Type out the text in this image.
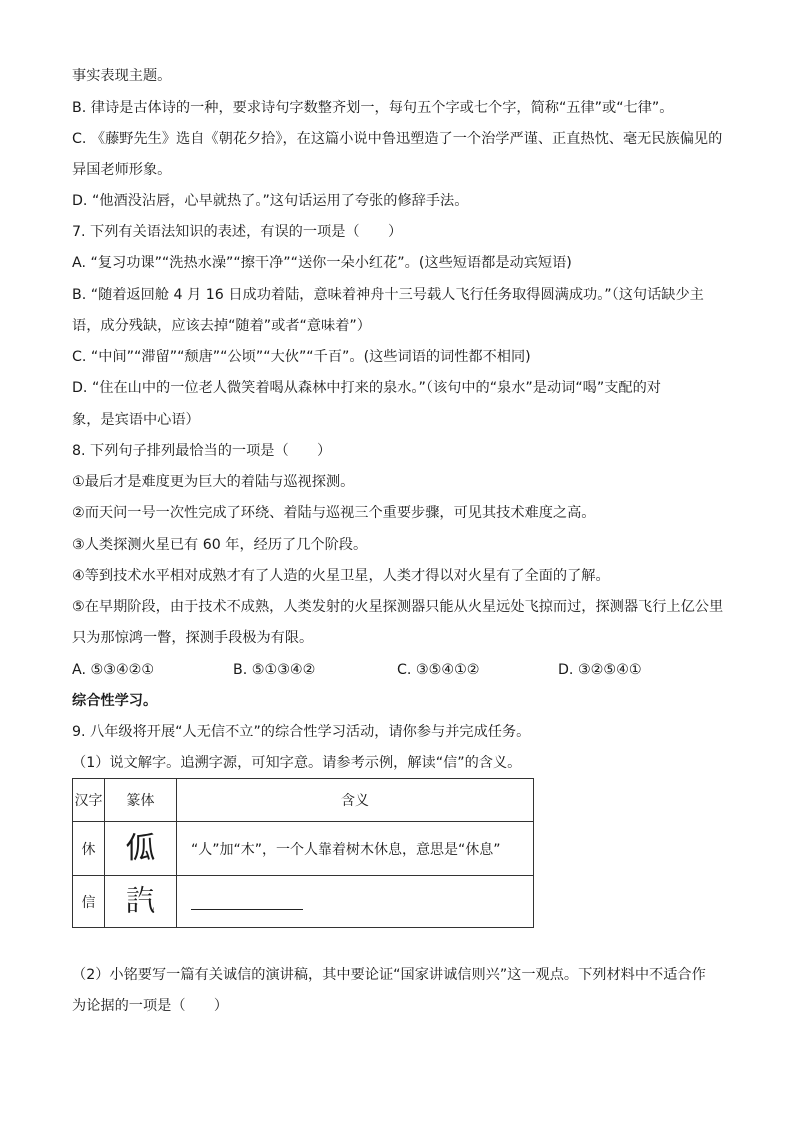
事实表现主题。
B. 律诗是古体诗的一种，要求诗句字数整齐划一，每句五个字或七个字，简称“五律”或“七律”。
C. 《藤野先生》选自《朝花夕拾》，在这篇小说中鲁迅塑造了一个治学严谨、正直热忱、毫无民族偏见的
异国老师形象。
D. “他酒没沾唇，心早就热了。”这句话运用了夸张的修辞手法。
7. 下列有关语法知识的表述，有误的一项是（　　）
A. “复习功课”“洗热水澡”“擦干净”“送你一朵小红花”。(这些短语都是动宾短语)
B. “随着返回舱 4 月 16 日成功着陆，意味着神舟十三号载人飞行任务取得圆满成功。”（这句话缺少主
语，成分残缺，应该去掉“随着”或者“意味着”）
C. “中间”“滞留”“颓唐”“公顷”“大伙”“千百”。(这些词语的词性都不相同)
D. “住在山中的一位老人微笑着喝从森林中打来的泉水。”（该句中的“泉水”是动词“喝”支配的对
象，是宾语中心语）
8. 下列句子排列最恰当的一项是（　　）
①最后才是难度更为巨大的着陆与巡视探测。
②而天问一号一次性完成了环绕、着陆与巡视三个重要步骤，可见其技术难度之高。
③人类探测火星已有 60 年，经历了几个阶段。
④等到技术水平相对成熟才有了人造的火星卫星，人类才得以对火星有了全面的了解。
⑤在早期阶段，由于技术不成熟，人类发射的火星探测器只能从火星远处飞掠而过，探测器飞行上亿公里
只为那惊鸿一瞥，探测手段极为有限。
A. ⑤③④②①	B. ⑤①③④②	C. ③⑤④①②	D. ③②⑤④①
综合性学习。
9. 八年级将开展“人无信不立”的综合性学习活动，请你参与并完成任务。
（1）说文解字。追溯字源，可知字意。请参考示例，解读“信”的含义。
汉字	篆体	含义
休	𠇗	“人”加“木”，一个人靠着树木休息，意思是“休息”
信	𧥷	
（2）小铭要写一篇有关诚信的演讲稿，其中要论证“国家讲诚信则兴”这一观点。下列材料中不适合作
为论据的一项是（　　）
